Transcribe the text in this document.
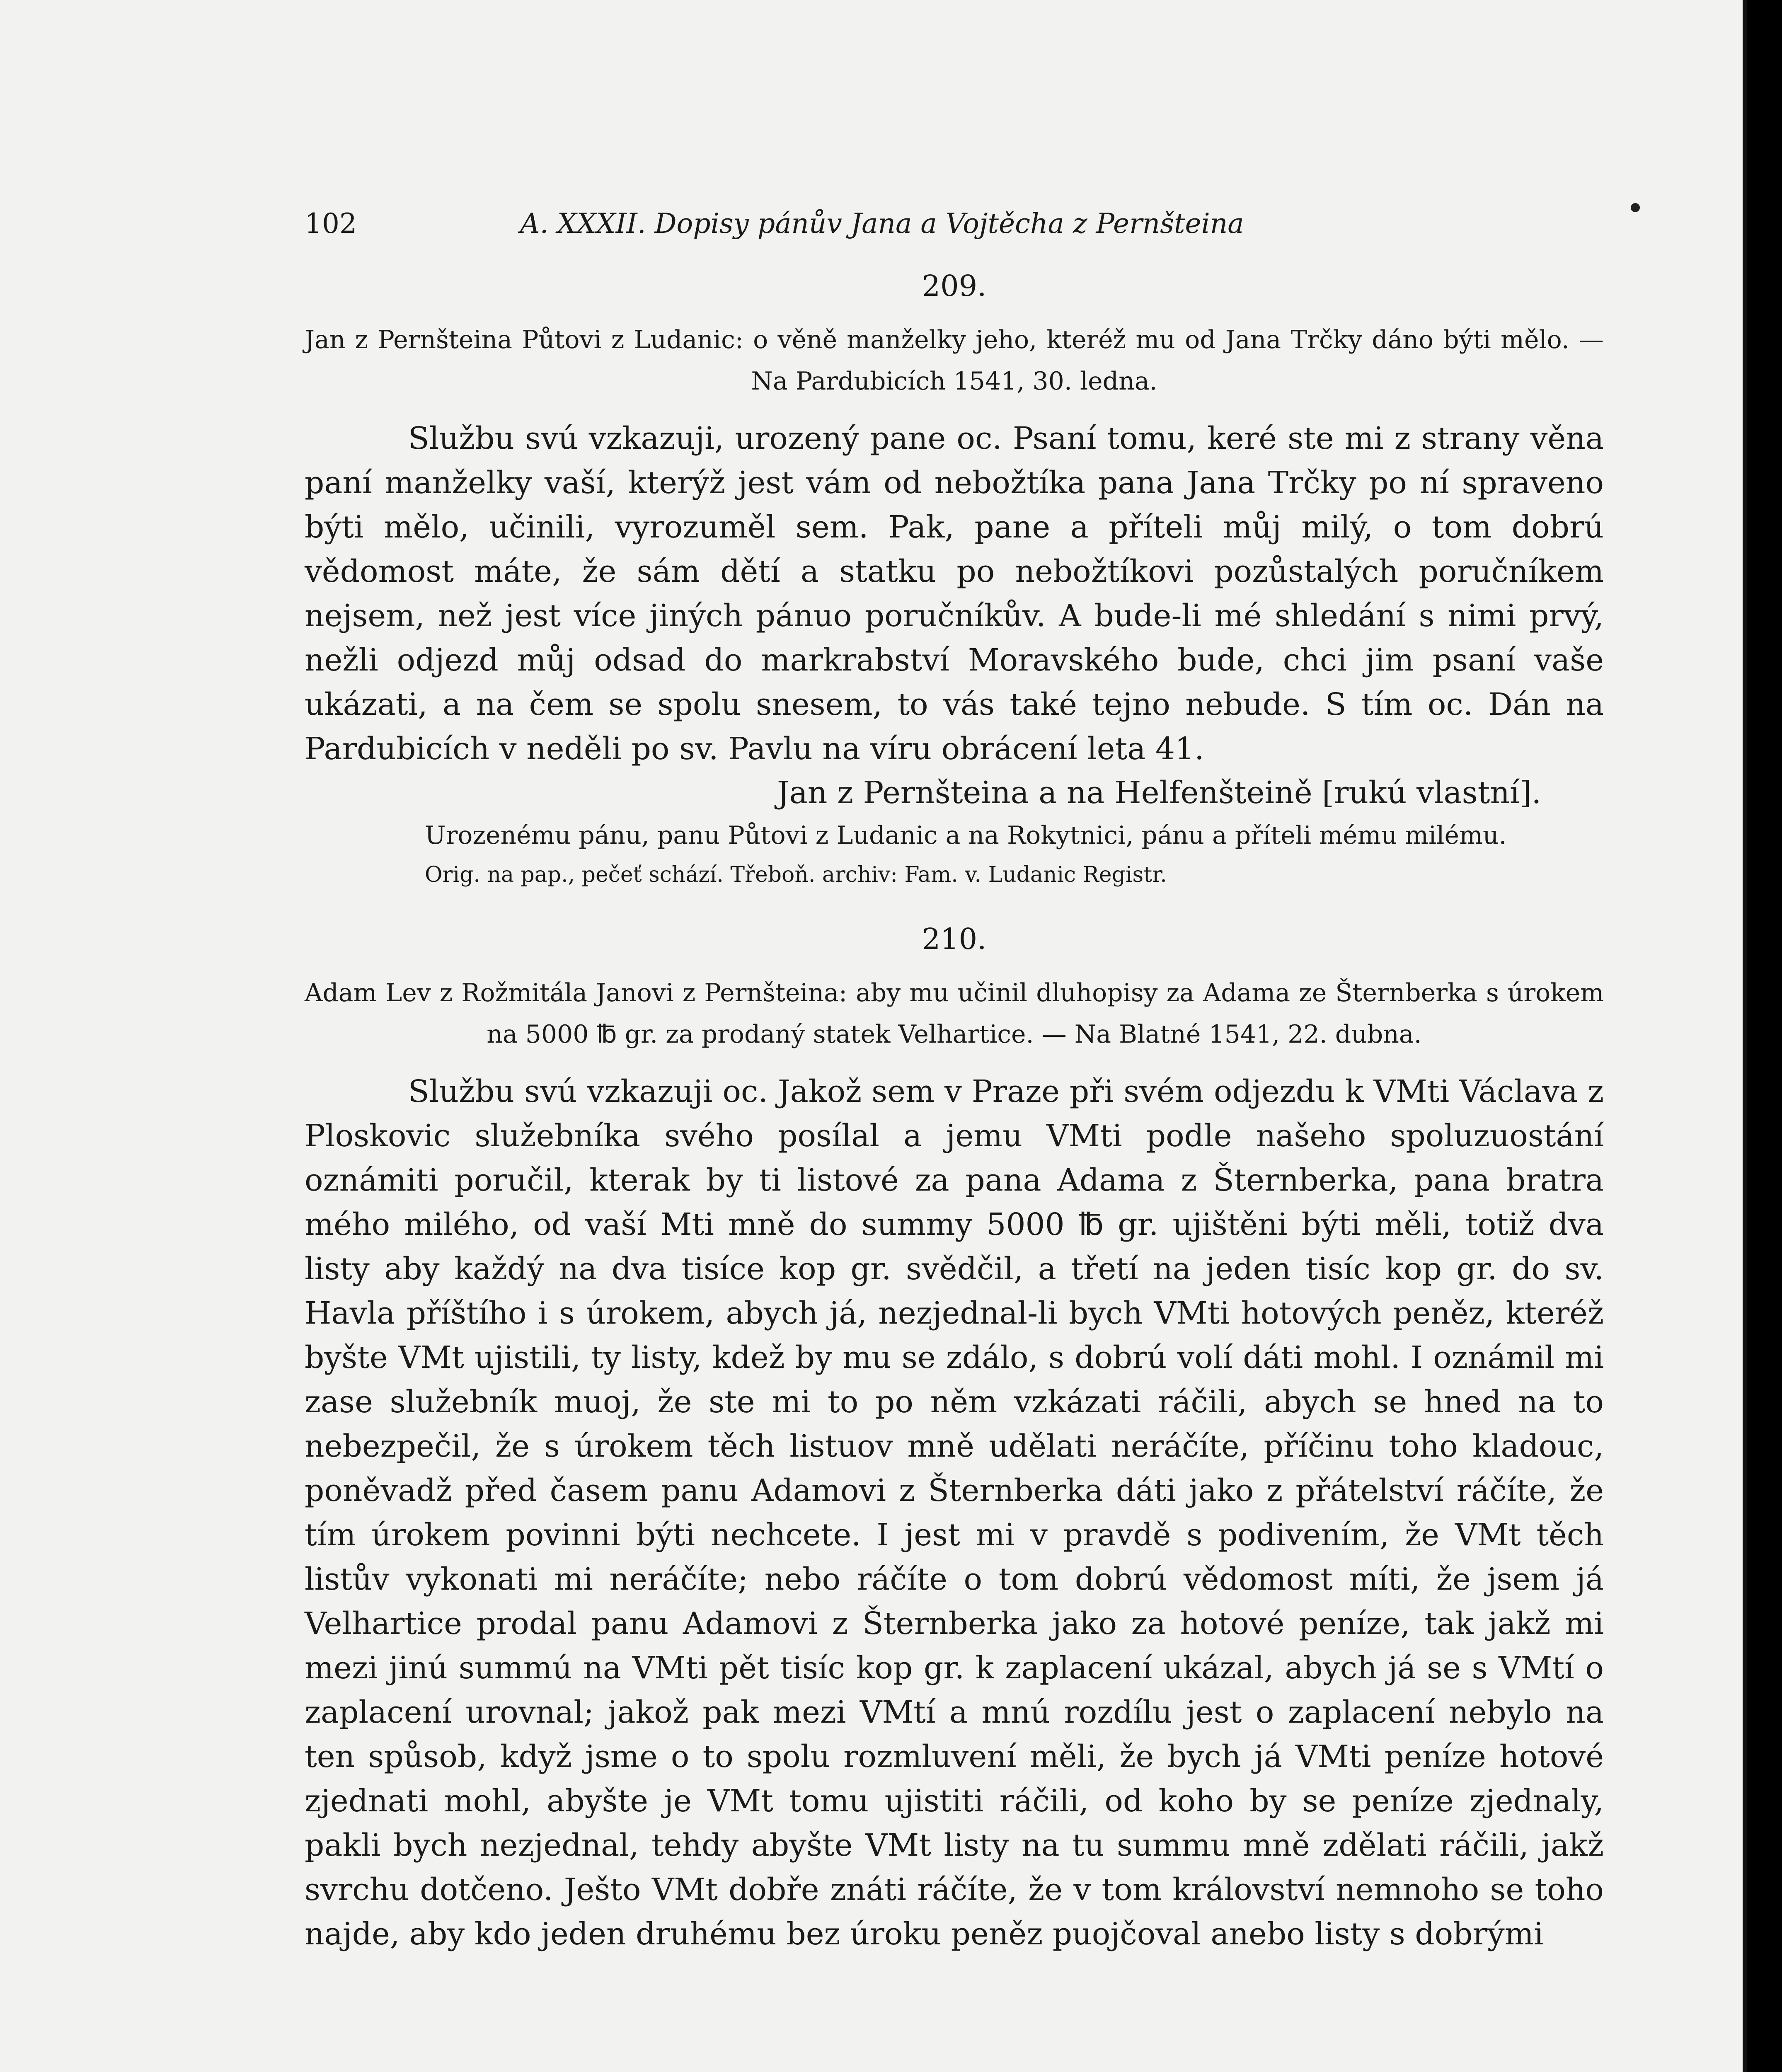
102	A. XXXII. Dopisy pánův Jana a Vojtěcha z Pernšteina
209.

Jan z Pernšteina Půtovi z Ludanic: o věně manželky jeho, kteréž mu od Jana Trčky dáno býti mělo. — Na Pardubicích 1541, 30. ledna.

Službu svú vzkazuji, urozený pane oc. Psaní tomu, keré ste mi z strany věna paní manželky vaší, kterýž jest vám od nebožtíka pana Jana Trčky po ní spraveno býti mělo, učinili, vyrozuměl sem. Pak, pane a příteli můj milý, o tom dobrú vědomost máte, že sám dětí a statku po nebožtíkovi pozůstalých poručníkem nejsem, než jest více jiných pánuo poručníkův. A bude-li mé shledání s nimi prvý, nežli odjezd můj odsad do markrabství Moravského bude, chci jim psaní vaše ukázati, a na čem se spolu snesem, to vás také tejno nebude. S tím oc. Dán na Pardubicích v neděli po sv. Pavlu na víru obrácení leta 41.

Jan z Pernšteina a na Helfenšteině [rukú vlastní].
Urozenému pánu, panu Půtovi z Ludanic a na Rokytnici, pánu a příteli mému milému.
Orig. na pap., pečeť schází. Třeboň. archiv: Fam. v. Ludanic Registr.
210.

Adam Lev z Rožmitála Janovi z Pernšteina: aby mu učinil dluhopisy za Adama ze Šternberka s úrokem na 5000 ℔ gr. za prodaný statek Velhartice. — Na Blatné 1541, 22. dubna.

Službu svú vzkazuji oc. Jakož sem v Praze při svém odjezdu k VMti Václava z Ploskovic služebníka svého posílal a jemu VMti podle našeho spoluzuostání oznámiti poručil, kterak by ti listové za pana Adama z Šternberka, pana bratra mého milého, od vaší Mti mně do summy 5000 ℔ gr. ujištěni býti měli, totiž dva listy aby každý na dva tisíce kop gr. svědčil, a třetí na jeden tisíc kop gr. do sv. Havla příštího i s úrokem, abych já, nezjednal-li bych VMti hotových peněz, kteréž byšte VMt ujistili, ty listy, kdež by mu se zdálo, s dobrú volí dáti mohl. I oznámil mi zase služebník muoj, že ste mi to po něm vzkázati ráčili, abych se hned na to nebezpečil, že s úrokem těch listuov mně udělati neráčíte, příčinu toho kladouc, poněvadž před časem panu Adamovi z Šternberka dáti jako z přátelství ráčíte, že tím úrokem povinni býti nechcete. I jest mi v pravdě s podivením, že VMt těch listův vykonati mi neráčíte; nebo ráčíte o tom dobrú vědomost míti, že jsem já Velhartice prodal panu Adamovi z Šternberka jako za hotové peníze, tak jakž mi mezi jinú summú na VMti pět tisíc kop gr. k zaplacení ukázal, abych já se s VMtí o zaplacení urovnal; jakož pak mezi VMtí a mnú rozdílu jest o zaplacení nebylo na ten spůsob, když jsme o to spolu rozmluvení měli, že bych já VMti peníze hotové zjednati mohl, abyšte je VMt tomu ujistiti ráčili, od koho by se peníze zjednaly, pakli bych nezjednal, tehdy abyšte VMt listy na tu summu mně zdělati ráčili, jakž svrchu dotčeno. Ješto VMt dobře znáti ráčíte, že v tom království nemnoho se toho najde, aby kdo jeden druhému bez úroku peněz puojčoval anebo listy s dobrými
